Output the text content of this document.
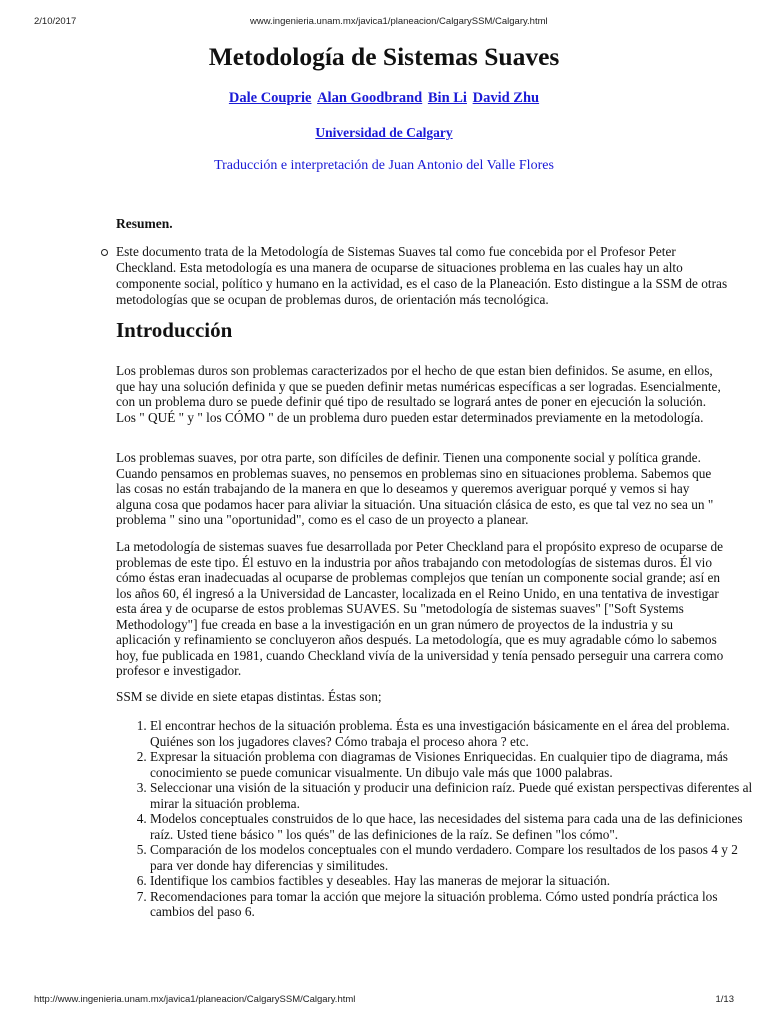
2/10/2017	www.ingenieria.unam.mx/javica1/planeacion/CalgarySSM/Calgary.html
Metodología de Sistemas Suaves
Dale Couprie Alan Goodbrand Bin Li David Zhu
Universidad de Calgary
Traducción e interpretación de Juan Antonio del Valle Flores
Resumen.
Este documento trata de la Metodología de Sistemas Suaves tal como fue concebida por el Profesor Peter Checkland. Esta metodología es una manera de ocuparse de situaciones problema en las cuales hay un alto componente social, político y humano en la actividad, es el caso de la Planeación. Esto distingue a la SSM de otras metodologías que se ocupan de problemas duros, de orientación más tecnológica.
Introducción

Los problemas duros son problemas caracterizados por el hecho de que estan bien definidos. Se asume, en ellos, que hay una solución definida y que se pueden definir metas numéricas específicas a ser logradas. Esencialmente, con un problema duro se puede definir qué tipo de resultado se logrará antes de poner en ejecución la solución. Los " QUÉ " y " los CÓMO " de un problema duro pueden estar determinados previamente en la metodología.

Los problemas suaves, por otra parte, son difíciles de definir. Tienen una componente social y política grande. Cuando pensamos en problemas suaves, no pensemos en problemas sino en situaciones problema. Sabemos que las cosas no están trabajando de la manera en que lo deseamos y queremos averiguar porqué y vemos si hay alguna cosa que podamos hacer para aliviar la situación. Una situación clásica de esto, es que tal vez no sea un " problema " sino una "oportunidad", como es el caso de un proyecto a planear.

La metodología de sistemas suaves fue desarrollada por Peter Checkland para el propósito expreso de ocuparse de problemas de este tipo. Él estuvo en la industria por años trabajando con metodologías de sistemas duros. Él vio cómo éstas eran inadecuadas al ocuparse de problemas complejos que tenían un componente social grande; así en los años 60, él ingresó a la Universidad de Lancaster, localizada en el Reino Unido, en una tentativa de investigar esta área y de ocuparse de estos problemas SUAVES. Su "metodología de sistemas suaves" ["Soft Systems Methodology"] fue creada en base a la investigación en un gran número de proyectos de la industria y su aplicación y refinamiento se concluyeron años después. La metodología, que es muy agradable cómo lo sabemos hoy, fue publicada en 1981, cuando Checkland vivía de la universidad y tenía pensado perseguir una carrera como profesor e investigador.

SSM se divide en siete etapas distintas. Éstas son;

1. El encontrar hechos de la situación problema. Ésta es una investigación básicamente en el área del problema. Quiénes son los jugadores claves? Cómo trabaja el proceso ahora ? etc.
2. Expresar la situación problema con diagramas de Visiones Enriquecidas. En cualquier tipo de diagrama, más conocimiento se puede comunicar visualmente. Un dibujo vale más que 1000 palabras.
3. Seleccionar una visión de la situación y producir una definicion raíz. Puede qué existan perspectivas diferentes al mirar la situación problema.
4. Modelos conceptuales construidos de lo que hace, las necesidades del sistema para cada una de las definiciones raíz. Usted tiene básico " los qués" de las definiciones de la raíz. Se definen "los cómo".
5. Comparación de los modelos conceptuales con el mundo verdadero. Compare los resultados de los pasos 4 y 2 para ver donde hay diferencias y similitudes.
6. Identifique los cambios factibles y deseables. Hay las maneras de mejorar la situación.
7. Recomendaciones para tomar la acción que mejore la situación problema. Cómo usted pondría práctica los cambios del paso 6.
http://www.ingenieria.unam.mx/javica1/planeacion/CalgarySSM/Calgary.html	1/13
